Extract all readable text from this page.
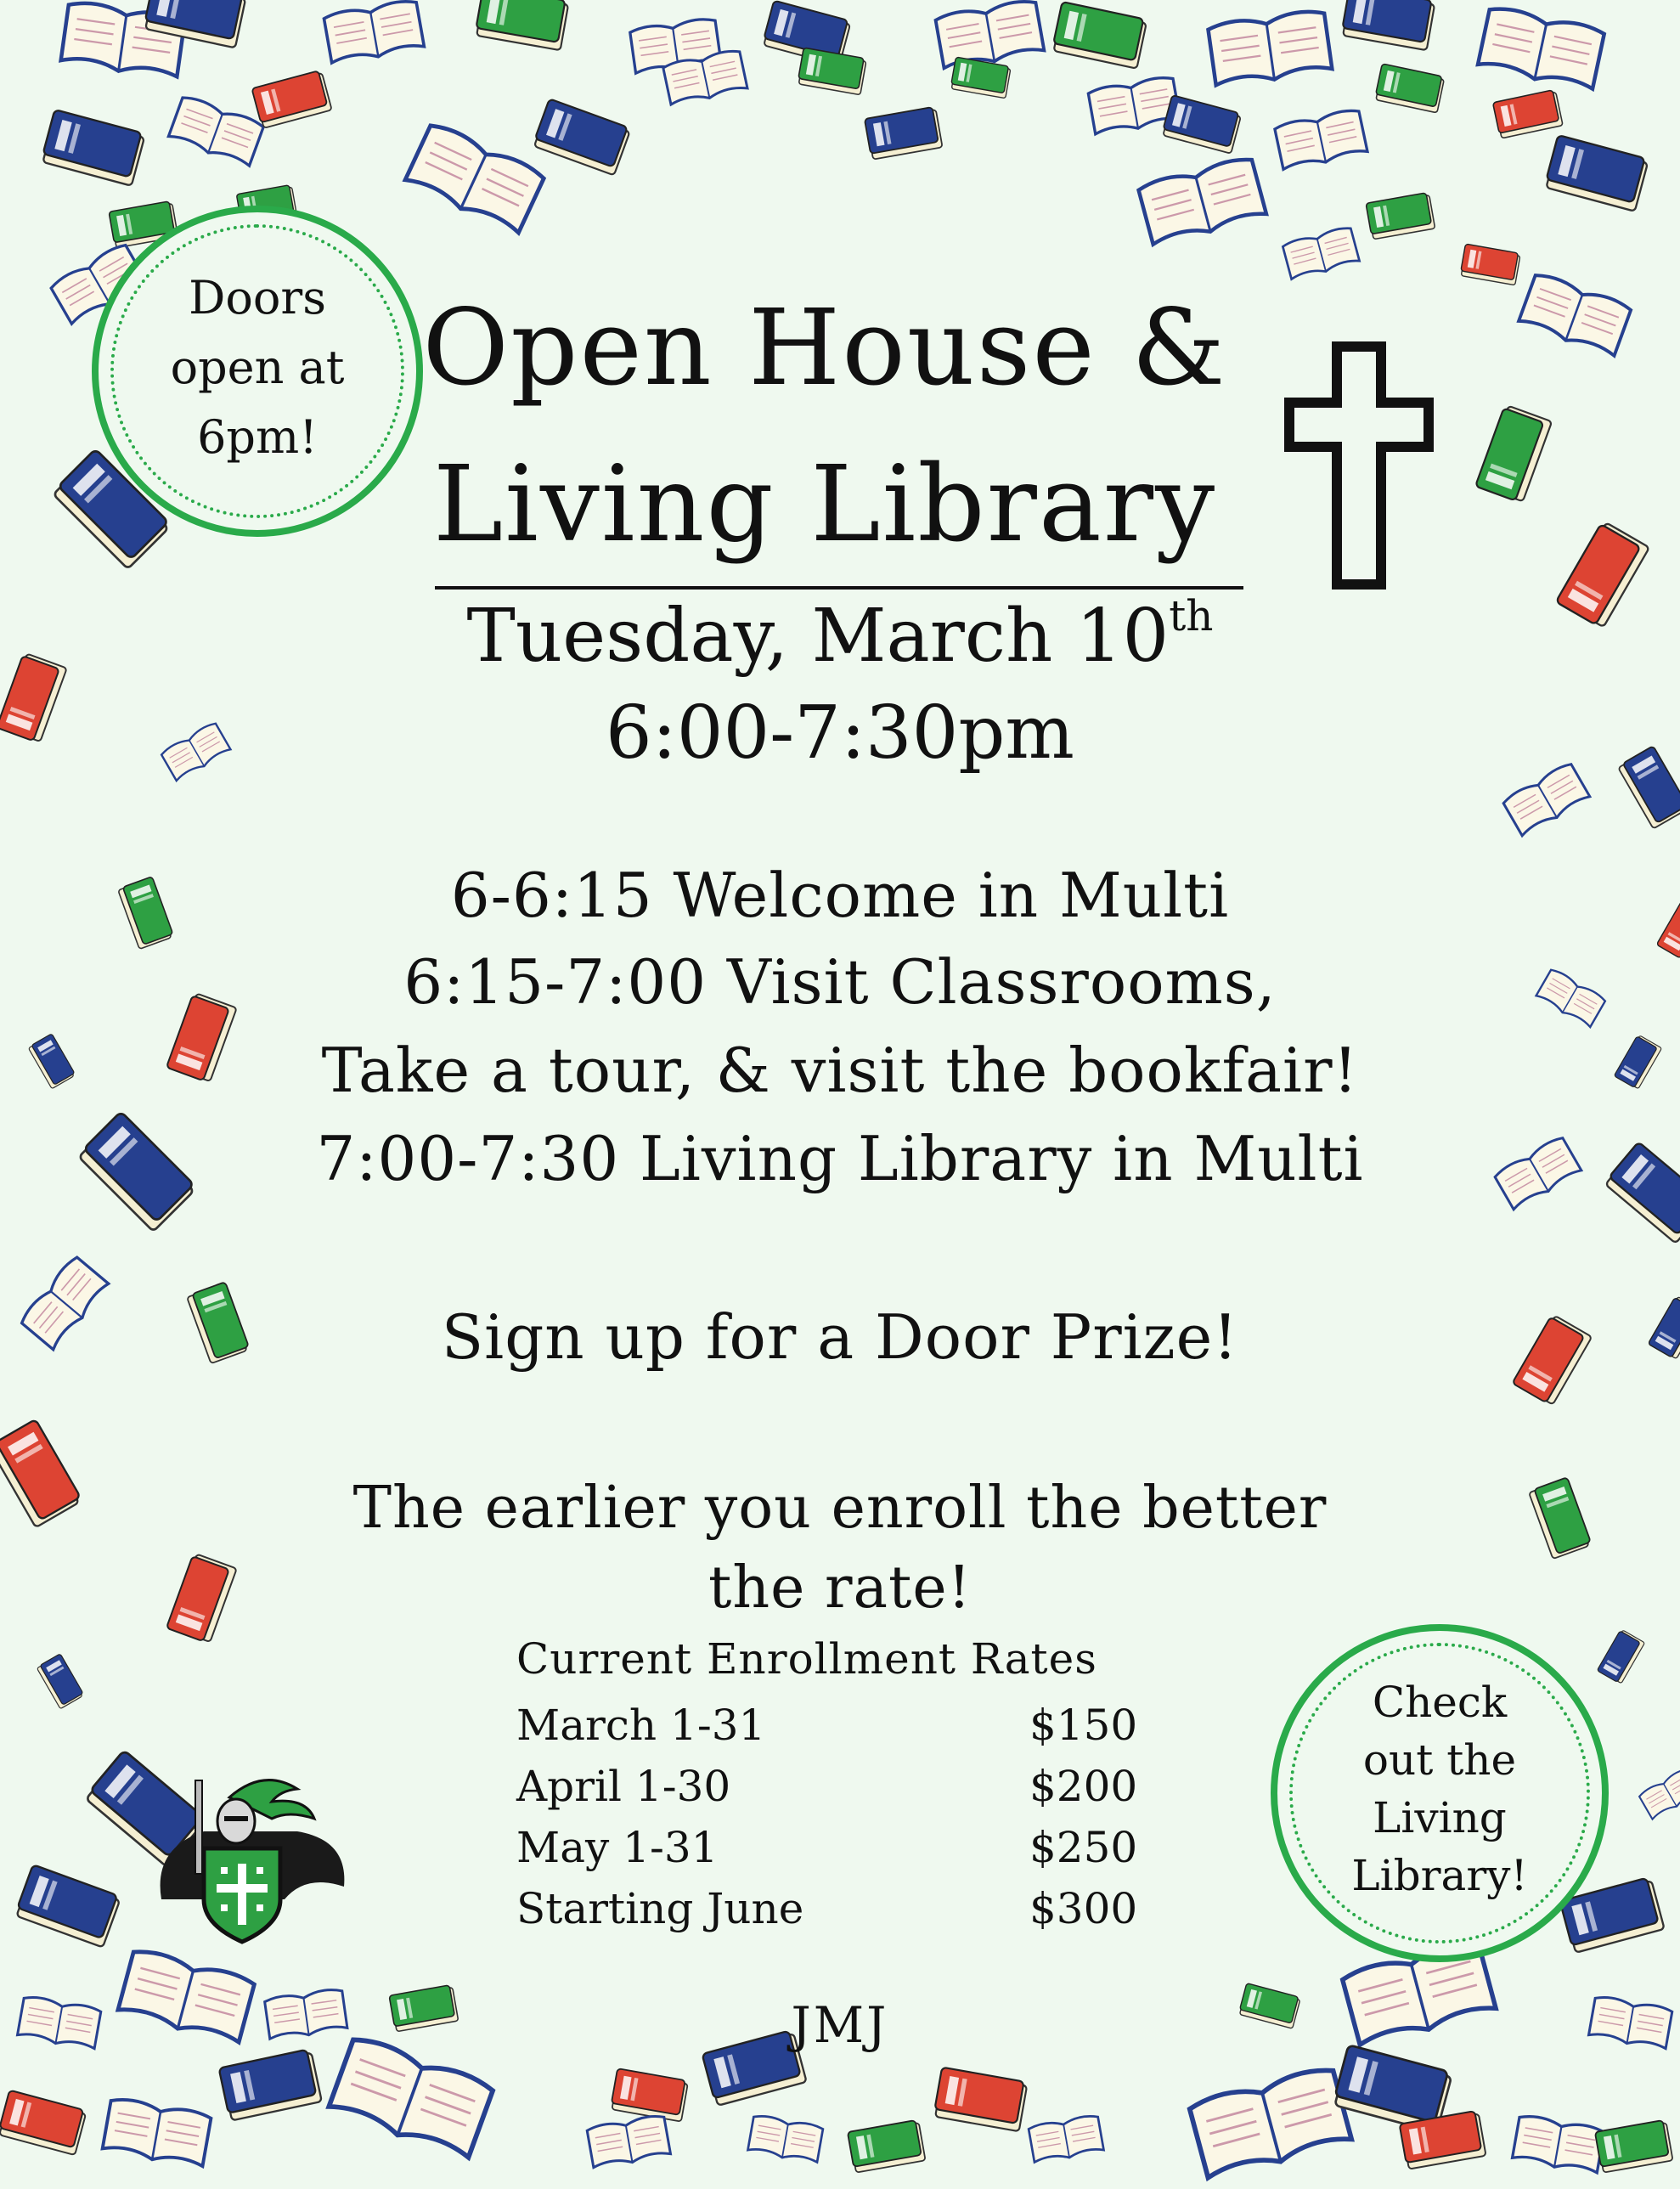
Doors
open at
6pm!
Check
out the
Living
Library!
Open House &
Living Library
Tuesday, March 10th
6:00-7:30pm
6-6:15 Welcome in Multi
6:15-7:00 Visit Classrooms,
Take a tour, & visit the bookfair!
7:00-7:30 Living Library in Multi
Sign up for a Door Prize!
The earlier you enroll the better
the rate!
Current Enrollment Rates
March 1-31	$150
April 1-30	$200
May 1-31	$250
Starting June	$300
JMJ
